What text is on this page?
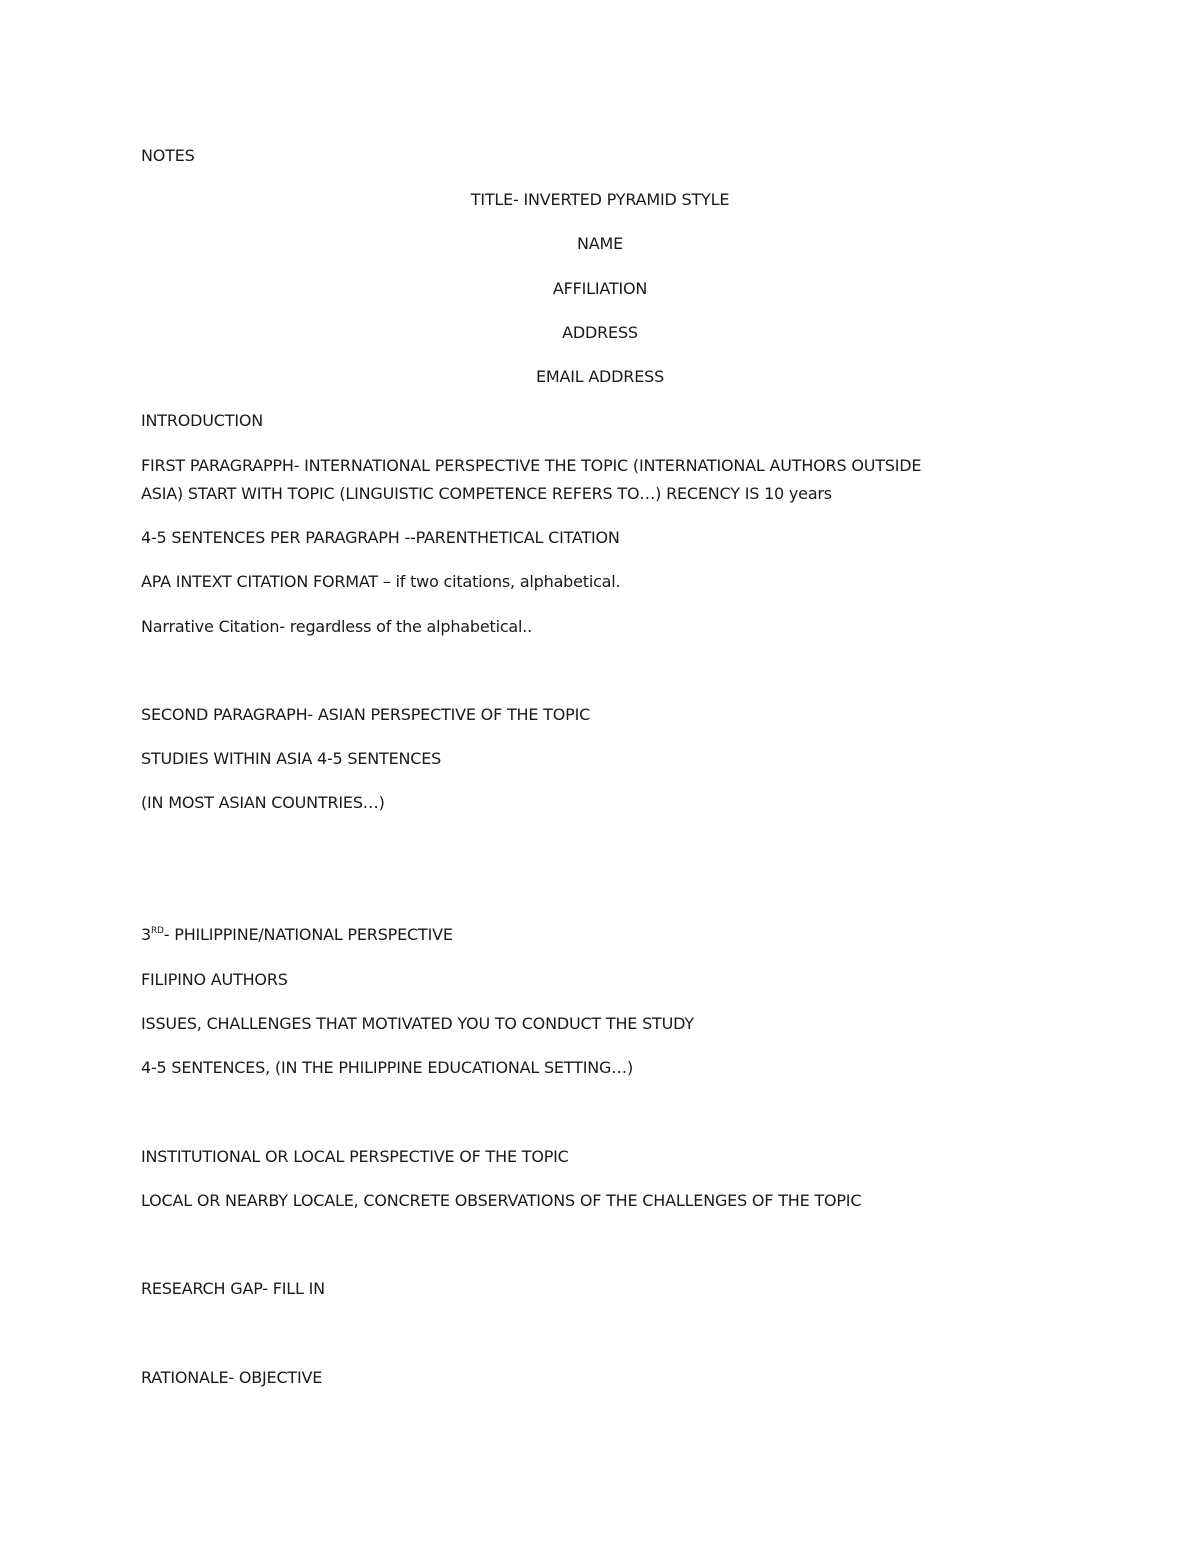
NOTES
TITLE- INVERTED PYRAMID STYLE
NAME
AFFILIATION
ADDRESS
EMAIL ADDRESS
INTRODUCTION
FIRST PARAGRAPPH- INTERNATIONAL PERSPECTIVE THE TOPIC (INTERNATIONAL AUTHORS OUTSIDE
ASIA) START WITH TOPIC (LINGUISTIC COMPETENCE REFERS TO…) RECENCY IS 10 years
4-5 SENTENCES PER PARAGRAPH --PARENTHETICAL CITATION
APA INTEXT CITATION FORMAT – if two citations, alphabetical.
Narrative Citation- regardless of the alphabetical..
SECOND PARAGRAPH- ASIAN PERSPECTIVE OF THE TOPIC
STUDIES WITHIN ASIA 4-5 SENTENCES
(IN MOST ASIAN COUNTRIES…)
3RD- PHILIPPINE/NATIONAL PERSPECTIVE
FILIPINO AUTHORS
ISSUES, CHALLENGES THAT MOTIVATED YOU TO CONDUCT THE STUDY
4-5 SENTENCES, (IN THE PHILIPPINE EDUCATIONAL SETTING…)
INSTITUTIONAL OR LOCAL PERSPECTIVE OF THE TOPIC
LOCAL OR NEARBY LOCALE, CONCRETE OBSERVATIONS OF THE CHALLENGES OF THE TOPIC
RESEARCH GAP- FILL IN
RATIONALE- OBJECTIVE
